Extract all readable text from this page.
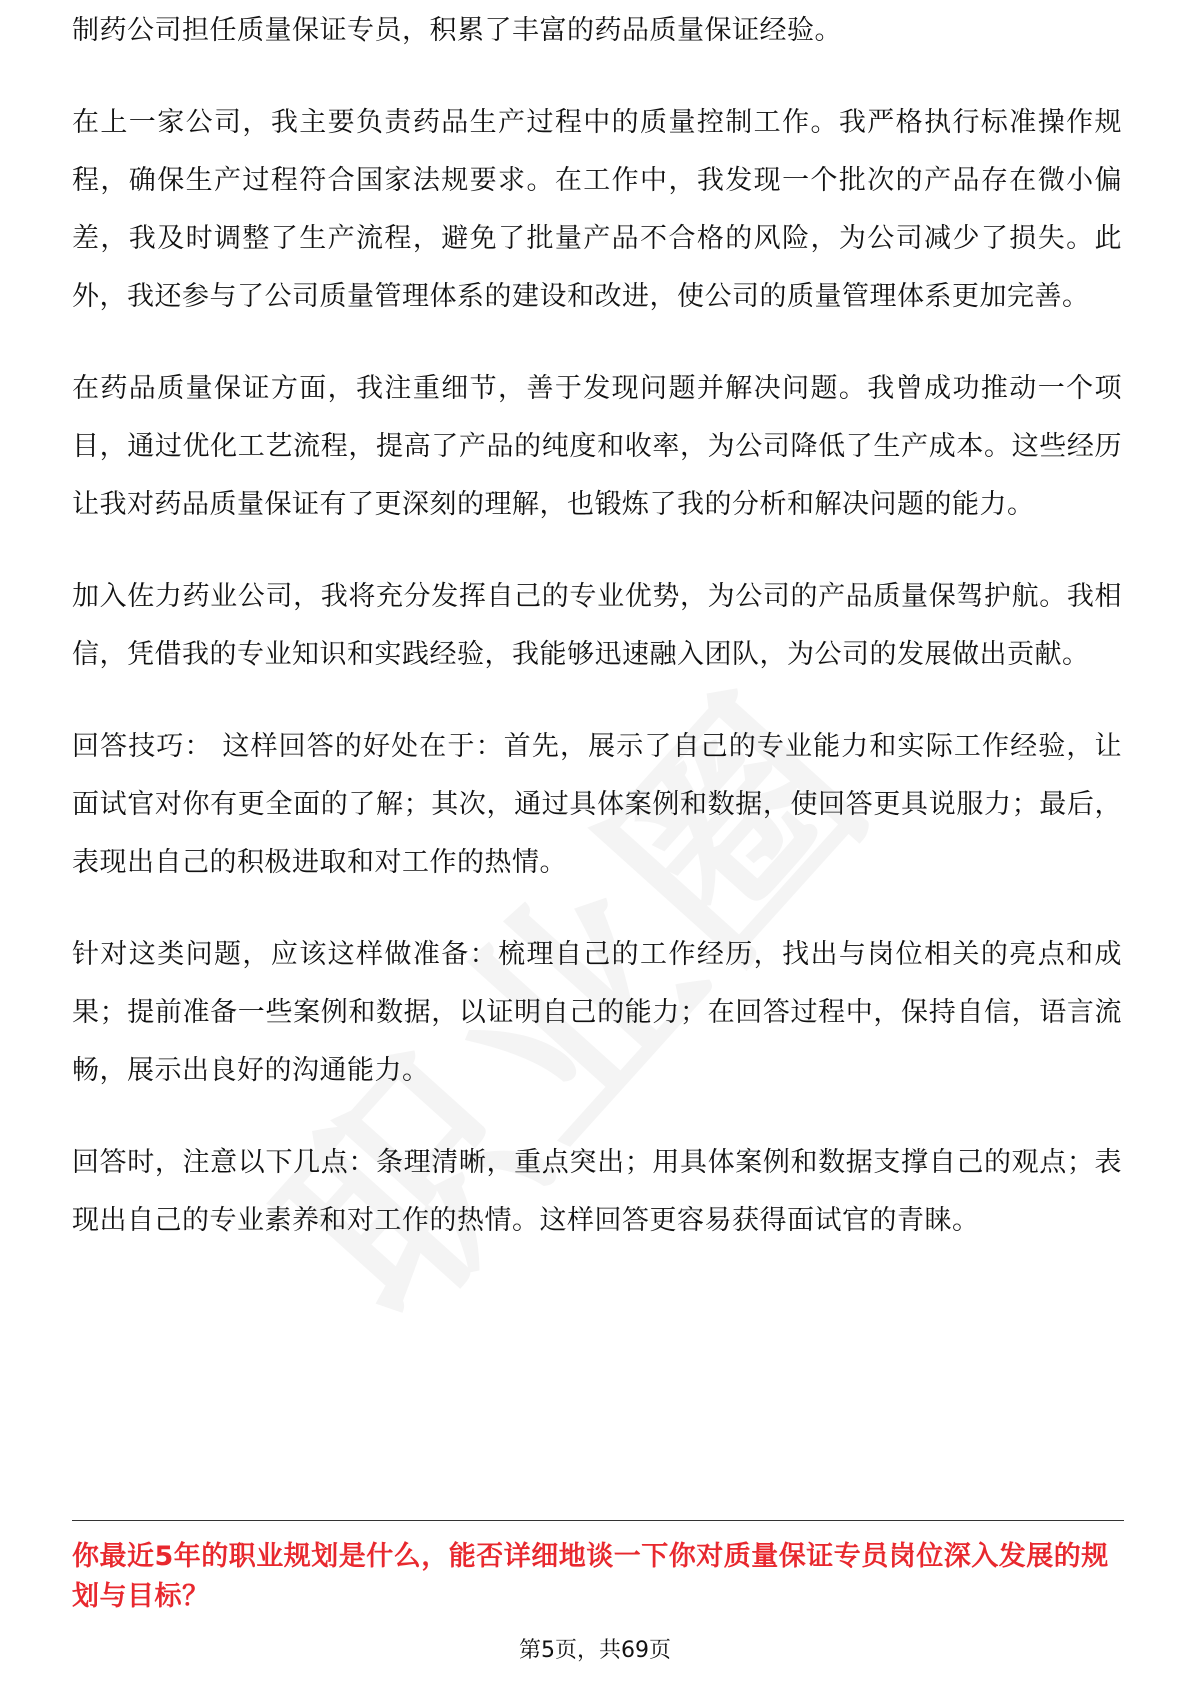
制药公司担任质量保证专员，积累了丰富的药品质量保证经验。

在上一家公司，我主要负责药品生产过程中的质量控制工作。我严格执行标准操作规程，确保生产过程符合国家法规要求。在工作中，我发现一个批次的产品存在微小偏差，我及时调整了生产流程，避免了批量产品不合格的风险，为公司减少了损失。此外，我还参与了公司质量管理体系的建设和改进，使公司的质量管理体系更加完善。

在药品质量保证方面，我注重细节，善于发现问题并解决问题。我曾成功推动一个项目，通过优化工艺流程，提高了产品的纯度和收率，为公司降低了生产成本。这些经历让我对药品质量保证有了更深刻的理解，也锻炼了我的分析和解决问题的能力。

加入佐力药业公司，我将充分发挥自己的专业优势，为公司的产品质量保驾护航。我相信，凭借我的专业知识和实践经验，我能够迅速融入团队，为公司的发展做出贡献。

回答技巧： 这样回答的好处在于：首先，展示了自己的专业能力和实际工作经验，让面试官对你有更全面的了解；其次，通过具体案例和数据，使回答更具说服力；最后，表现出自己的积极进取和对工作的热情。

针对这类问题，应该这样做准备：梳理自己的工作经历，找出与岗位相关的亮点和成果；提前准备一些案例和数据，以证明自己的能力；在回答过程中，保持自信，语言流畅，展示出良好的沟通能力。

回答时，注意以下几点：条理清晰，重点突出；用具体案例和数据支撑自己的观点；表现出自己的专业素养和对工作的热情。这样回答更容易获得面试官的青睐。

你最近5年的职业规划是什么，能否详细地谈一下你对质量保证专员岗位深入发展的规划与目标？
第5页，共69页
